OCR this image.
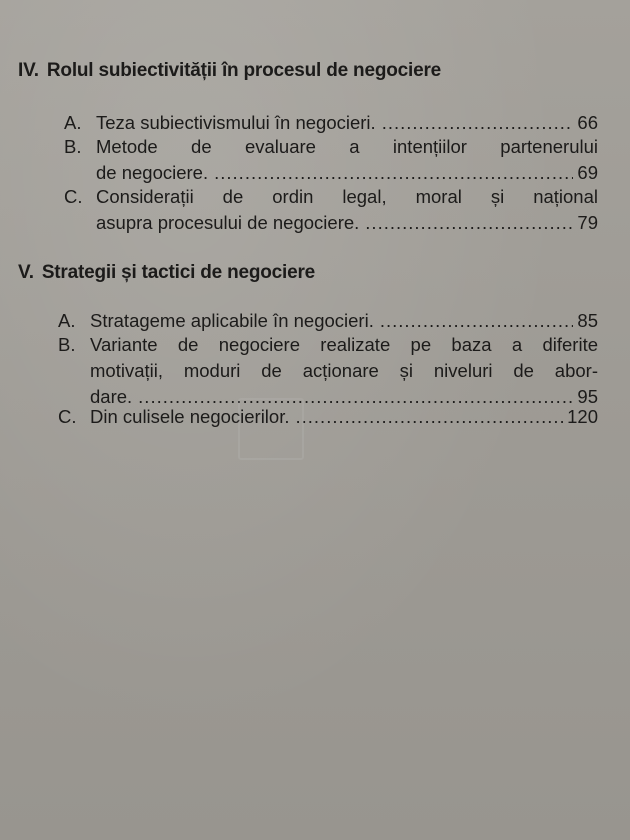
IV. Rolul subiectivității în procesul de negociere
A. Teza subiectivismului în negocieri. .....	66
B. Metode de evaluare a intențiilor partenerului
de negociere. .....	69
C. Considerații de ordin legal, moral și național
asupra procesului de negociere. .....	79
V. Strategii și tactici de negociere
A. Stratageme aplicabile în negocieri. .....	85
B. Variante de negociere realizate pe baza a diferite
motivații, moduri de acționare și niveluri de abor-
dare. .....	95
C. Din culisele negocierilor. .....	120
